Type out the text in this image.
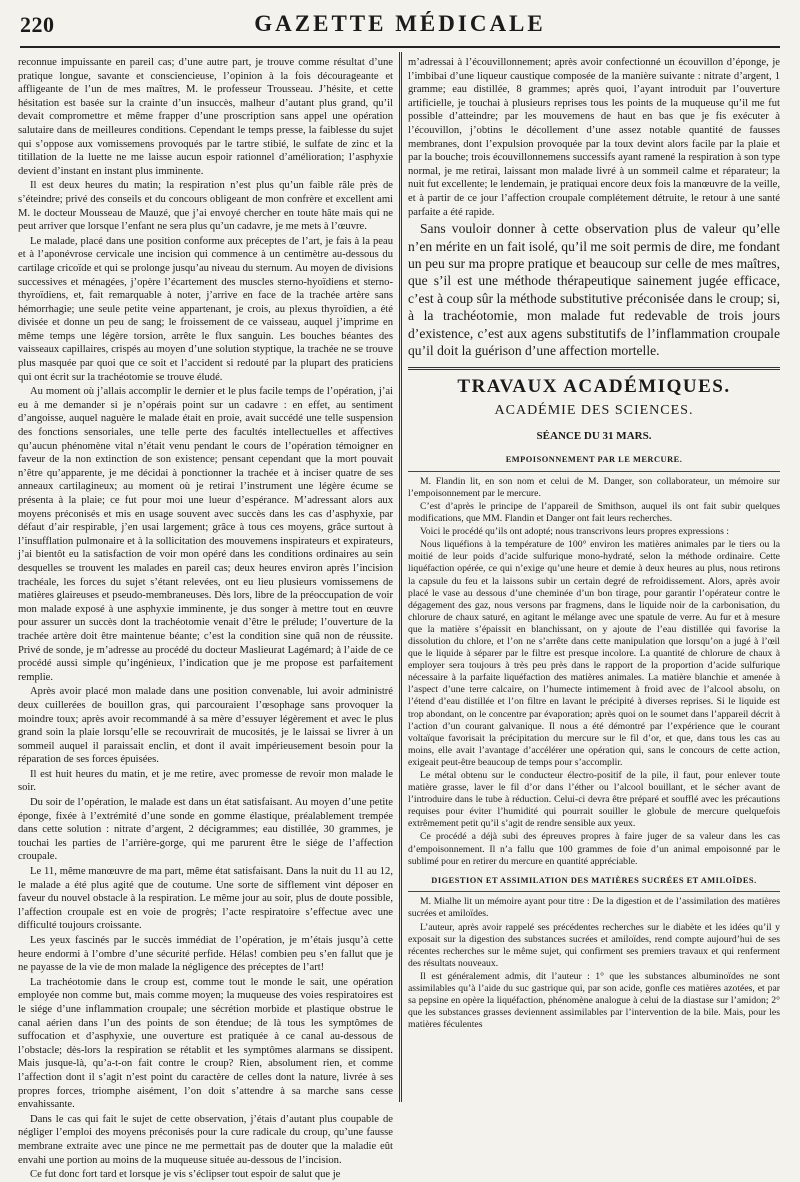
220	GAZETTE MÉDICALE

reconnue impuissante en pareil cas; d’une autre part, je trouve comme résultat d’une pratique longue, savante et consciencieuse, l’opinion à la fois décourageante et affligeante de l’un de mes maîtres, M. le professeur Trousseau. J’hésite, et cette hésitation est basée sur la crainte d’un insuccès, malheur d’autant plus grand, qu’il devait compromettre et même frapper d’une proscription sans appel une opération salutaire dans de meilleures conditions. Cependant le temps presse, la faiblesse du sujet qui s’oppose aux vomissemens provoqués par le tartre stibié, le sulfate de zinc et la titillation de la luette ne me laisse aucun espoir rationnel d’amélioration; l’asphyxie devient d’instant en instant plus imminente.

Il est deux heures du matin; la respiration n’est plus qu’un faible râle près de s’éteindre; privé des conseils et du concours obligeant de mon confrère et excellent ami M. le docteur Mousseau de Mauzé, que j’ai envoyé chercher en toute hâte mais qui ne peut arriver que lorsque l’enfant ne sera plus qu’un cadavre, je me mets à l’œuvre.

Le malade, placé dans une position conforme aux préceptes de l’art, je fais à la peau et à l’aponévrose cervicale une incision qui commence à un centimètre au-dessous du cartilage cricoïde et qui se prolonge jusqu’au niveau du sternum. Au moyen de divisions successives et ménagées, j’opère l’écartement des muscles sterno-hyoïdiens et sterno-thyroïdiens, et, fait remarquable à noter, j’arrive en face de la trachée artère sans hémorrhagie; une seule petite veine appartenant, je crois, au plexus thyroïdien, a été divisée et donne un peu de sang; le froissement de ce vaisseau, auquel j’imprime en même temps une légère torsion, arrête le flux sanguin. Les bouches béantes des vaisseaux capillaires, crispés au moyen d’une solution styptique, la trachée ne se trouve plus masquée par quoi que ce soit et l’accident si redouté par la plupart des praticiens qui ont écrit sur la trachéotomie se trouve éludé.

Au moment où j’allais accomplir le dernier et le plus facile temps de l’opération, j’ai eu à me demander si je n’opérais point sur un cadavre : en effet, au sentiment d’angoisse, auquel naguère le malade était en proie, avait succédé une telle suspension des fonctions sensoriales, une telle perte des facultés intellectuelles et affectives qu’aucun phénomène vital n’était venu pendant le cours de l’opération témoigner en faveur de la non extinction de son existence; pensant cependant que la mort pouvait n’être qu’apparente, je me décidai à ponctionner la trachée et à inciser quatre de ses anneaux cartilagineux; au moment où je retirai l’instrument une légère écume se présenta à la plaie; ce fut pour moi une lueur d’espérance. M’adressant alors aux moyens préconisés et mis en usage souvent avec succès dans les cas d’asphyxie, par défaut d’air respirable, j’en usai largement; grâce à tous ces moyens, grâce surtout à l’insufflation pulmonaire et à la sollicitation des mouvemens inspirateurs et expirateurs, j’ai bientôt eu la satisfaction de voir mon opéré dans les conditions ordinaires au sein desquelles se trouvent les malades en pareil cas; deux heures environ après l’incision trachéale, les forces du sujet s’étant relevées, ont eu lieu plusieurs vomissemens de matières glaireuses et pseudo-membraneuses. Dès lors, libre de la préoccupation de voir mon malade exposé à une asphyxie imminente, je dus songer à mettre tout en œuvre pour assurer un succès dont la trachéotomie venait d’être le prélude; l’ouverture de la trachée artère doit être maintenue béante; c’est la condition sine quâ non de réussite. Privé de sonde, je m’adresse au procédé du docteur Maslieurat Lagémard; à l’aide de ce procédé aussi simple qu’ingénieux, l’indication que je me propose est parfaitement remplie.

Après avoir placé mon malade dans une position convenable, lui avoir administré deux cuillerées de bouillon gras, qui parcouraient l’œsophage sans provoquer la moindre toux; après avoir recommandé à sa mère d’essuyer légèrement et avec le plus grand soin la plaie lorsqu’elle se recouvrirait de mucosités, je le laissai se livrer à un sommeil auquel il paraissait enclin, et dont il avait impérieusement besoin pour la réparation de ses forces épuisées.

Il est huit heures du matin, et je me retire, avec promesse de revoir mon malade le soir.

Du soir de l’opération, le malade est dans un état satisfaisant. Au moyen d’une petite éponge, fixée à l’extrémité d’une sonde en gomme élastique, préalablement trempée dans cette solution : nitrate d’argent, 2 décigrammes; eau distillée, 30 grammes, je touchai les parties de l’arrière-gorge, qui me parurent être le siége de l’affection croupale.

Le 11, même manœuvre de ma part, même état satisfaisant. Dans la nuit du 11 au 12, le malade a été plus agité que de coutume. Une sorte de sifflement vint déposer en faveur du nouvel obstacle à la respiration. Le même jour au soir, plus de doute possible, l’affection croupale est en voie de progrès; l’acte respiratoire s’effectue avec une difficulté toujours croissante.

Les yeux fascinés par le succès immédiat de l’opération, je m’étais jusqu’à cette heure endormi à l’ombre d’une sécurité perfide. Hélas! combien peu s’en fallut que je ne payasse de la vie de mon malade la négligence des préceptes de l’art!

La trachéotomie dans le croup est, comme tout le monde le sait, une opération employée non comme but, mais comme moyen; la muqueuse des voies respiratoires est le siége d’une inflammation croupale; une sécrétion morbide et plastique obstrue le canal aérien dans l’un des points de son étendue; de là tous les symptômes de suffocation et d’asphyxie, une ouverture est pratiquée à ce canal au-dessous de l’obstacle; dès-lors la respiration se rétablit et les symptômes alarmans se dissipent. Mais jusque-là, qu’a-t-on fait contre le croup? Rien, absolument rien, et comme l’affection dont il s’agit n’est point du caractère de celles dont la nature, livrée à ses propres forces, triomphe aisément, l’on doit s’attendre à sa marche sans cesse envahissante.

Dans le cas qui fait le sujet de cette observation, j’étais d’autant plus coupable de négliger l’emploi des moyens préconisés pour la cure radicale du croup, qu’une fausse membrane extraite avec une pince ne me permettait pas de douter que la maladie eût envahi une portion au moins de la muqueuse située au-dessous de l’incision.

Ce fut donc fort tard et lorsque je vis s’éclipser tout espoir de salut que je

m’adressai à l’écouvillonnement; après avoir confectionné un écouvillon d’éponge, je l’imbibai d’une liqueur caustique composée de la manière suivante : nitrate d’argent, 1 gramme; eau distillée, 8 grammes; après quoi, l’ayant introduit par l’ouverture artificielle, je touchai à plusieurs reprises tous les points de la muqueuse qu’il me fut possible d’atteindre; par les mouvemens de haut en bas que je fis exécuter à l’écouvillon, j’obtins le décollement d’une assez notable quantité de fausses membranes, dont l’expulsion provoquée par la toux devint alors facile par la plaie et par la bouche; trois écouvillonnemens successifs ayant ramené la respiration à son type normal, je me retirai, laissant mon malade livré à un sommeil calme et réparateur; la nuit fut excellente; le lendemain, je pratiquai encore deux fois la manœuvre de la veille, et à partir de ce jour l’affection croupale complétement détruite, le retour à une santé parfaite a été rapide.

Sans vouloir donner à cette observation plus de valeur qu’elle n’en mérite en un fait isolé, qu’il me soit permis de dire, me fondant un peu sur ma propre pratique et beaucoup sur celle de mes maîtres, que s’il est une méthode thérapeutique sainement jugée efficace, c’est à coup sûr la méthode substitutive préconisée dans le croup; si, à la trachéotomie, mon malade fut redevable de trois jours d’existence, c’est aux agens substitutifs de l’inflammation croupale qu’il doit la guérison d’une affection mortelle.

TRAVAUX ACADÉMIQUES.
ACADÉMIE DES SCIENCES.
SÉANCE DU 31 MARS.
EMPOISONNEMENT PAR LE MERCURE.

M. Flandin lit, en son nom et celui de M. Danger, son collaborateur, un mémoire sur l’empoisonnement par le mercure.

C’est d’après le principe de l’appareil de Smithson, auquel ils ont fait subir quelques modifications, que MM. Flandin et Danger ont fait leurs recherches.

Voici le procédé qu’ils ont adopté; nous transcrivons leurs propres expressions :

Nous liquéfions à la température de 100° environ les matières animales par le tiers ou la moitié de leur poids d’acide sulfurique mono-hydraté, selon la méthode ordinaire. Cette liquéfaction opérée, ce qui n’exige qu’une heure et demie à deux heures au plus, nous retirons la capsule du feu et la laissons subir un certain degré de refroidissement. Alors, après avoir placé le vase au dessous d’une cheminée d’un bon tirage, pour garantir l’opérateur contre le dégagement des gaz, nous versons par fragmens, dans le liquide noir de la carbonisation, du chlorure de chaux saturé, en agitant le mélange avec une spatule de verre. Au fur et à mesure que la matière s’épaissit en blanchissant, on y ajoute de l’eau distillée qui favorise la dissolution du chlore, et l’on ne s’arrête dans cette manipulation que lorsqu’on a jugé à l’œil que le liquide à séparer par le filtre est presque incolore. La quantité de chlorure de chaux à employer sera toujours à très peu près dans le rapport de la proportion d’acide sulfurique nécessaire à la parfaite liquéfaction des matières animales. La matière blanchie et amenée à l’aspect d’une terre calcaire, on l’humecte intimement à froid avec de l’alcool absolu, on l’étend d’eau distillée et l’on filtre en lavant le précipité à diverses reprises. Si le liquide est trop abondant, on le concentre par évaporation; après quoi on le soumet dans l’appareil décrit à l’action d’un courant galvanique. Il nous a été démontré par l’expérience que le courant voltaïque favorisait la précipitation du mercure sur le fil d’or, et que, dans tous les cas au moins, elle avait l’avantage d’accélérer une opération qui, sans le concours de cette action, exigeait peut-être beaucoup de temps pour s’accomplir.

Le métal obtenu sur le conducteur électro-positif de la pile, il faut, pour enlever toute matière grasse, laver le fil d’or dans l’éther ou l’alcool bouillant, et le sécher avant de l’introduire dans le tube à réduction. Celui-ci devra être préparé et soufflé avec les précautions requises pour éviter l’humidité qui pourrait souiller le globule de mercure quelquefois extrêmement petit qu’il s’agit de rendre sensible aux yeux.

Ce procédé a déjà subi des épreuves propres à faire juger de sa valeur dans les cas d’empoisonnement. Il n’a fallu que 100 grammes de foie d’un animal empoisonné par le sublimé pour en retirer du mercure en quantité appréciable.

DIGESTION ET ASSIMILATION DES MATIÈRES SUCRÉES ET AMILOÏDES.

M. Mialhe lit un mémoire ayant pour titre : De la digestion et de l’assimilation des matières sucrées et amiloïdes.

L’auteur, après avoir rappelé ses précédentes recherches sur le diabète et les idées qu’il y exposait sur la digestion des substances sucrées et amiloïdes, rend compte aujourd’hui de ses récentes recherches sur le même sujet, qui confirment ses premiers travaux et qui renferment des résultats nouveaux.

Il est généralement admis, dit l’auteur : 1° que les substances albuminoïdes ne sont assimilables qu’à l’aide du suc gastrique qui, par son acide, gonfle ces matières azotées, et par sa pepsine en opère la liquéfaction, phénomène analogue à celui de la diastase sur l’amidon; 2° que les substances grasses deviennent assimilables par l’intervention de la bile. Mais, pour les matières féculentes
